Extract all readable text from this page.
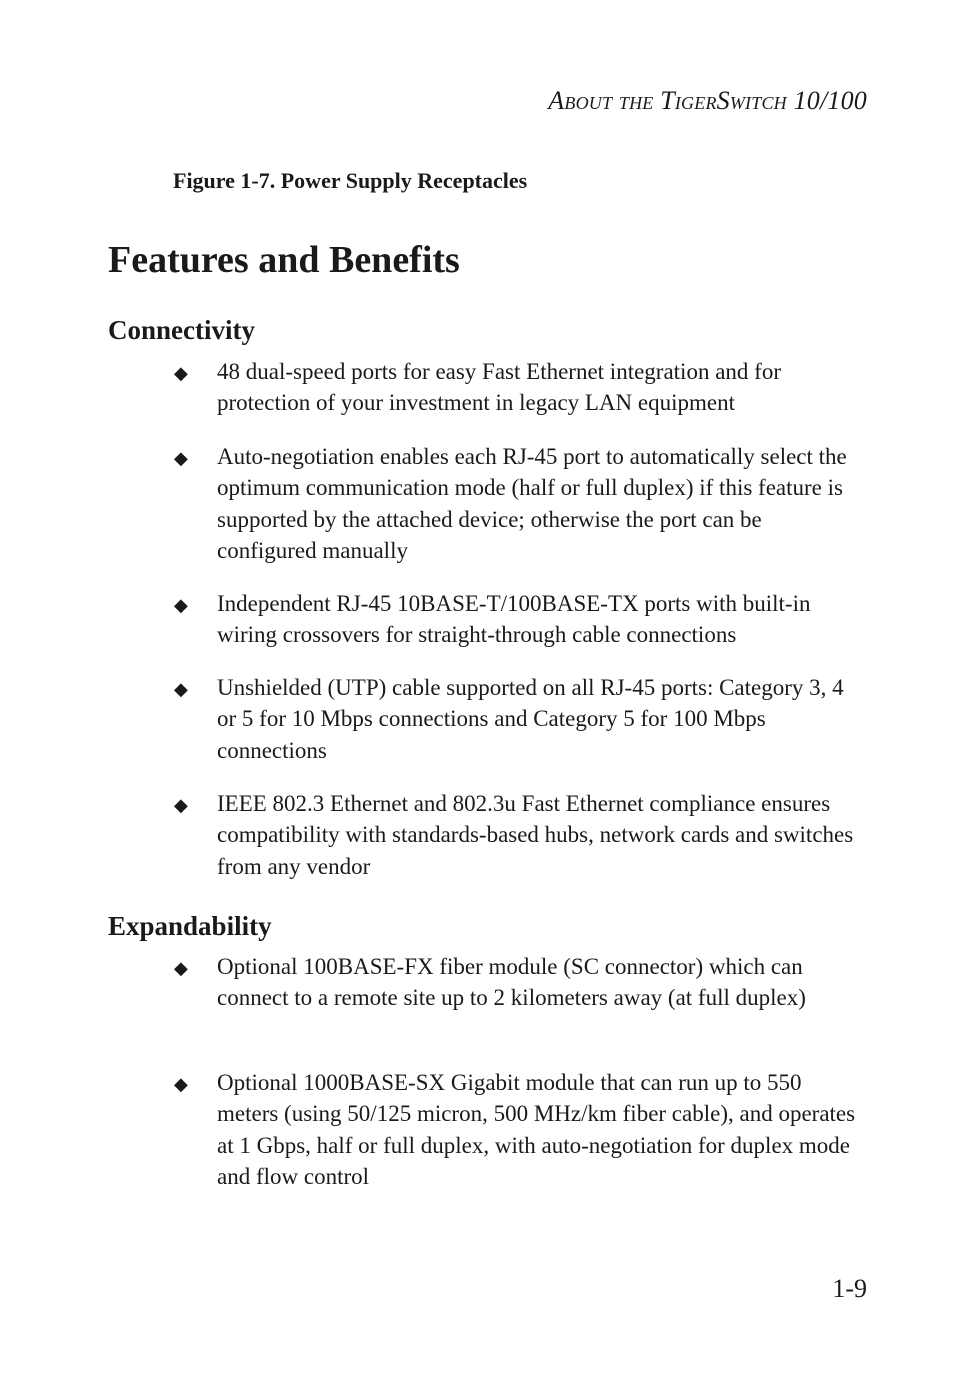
About the TigerSwitch 10/100
Figure 1-7. Power Supply Receptacles
Features and Benefits
Connectivity
◆ 48 dual-speed ports for easy Fast Ethernet integration and for protection of your investment in legacy LAN equipment
◆ Auto-negotiation enables each RJ-45 port to automatically select the optimum communication mode (half or full duplex) if this feature is supported by the attached device; otherwise the port can be configured manually
◆ Independent RJ-45 10BASE-T/100BASE-TX ports with built-in wiring crossovers for straight-through cable connections
◆ Unshielded (UTP) cable supported on all RJ-45 ports: Category 3, 4 or 5 for 10 Mbps connections and Category 5 for 100 Mbps connections
◆ IEEE 802.3 Ethernet and 802.3u Fast Ethernet compliance ensures compatibility with standards-based hubs, network cards and switches from any vendor
Expandability
◆ Optional 100BASE-FX fiber module (SC connector) which can connect to a remote site up to 2 kilometers away (at full duplex)
◆ Optional 1000BASE-SX Gigabit module that can run up to 550 meters (using 50/125 micron, 500 MHz/km fiber cable), and operates at 1 Gbps, half or full duplex, with auto-negotiation for duplex mode and flow control
1-9
